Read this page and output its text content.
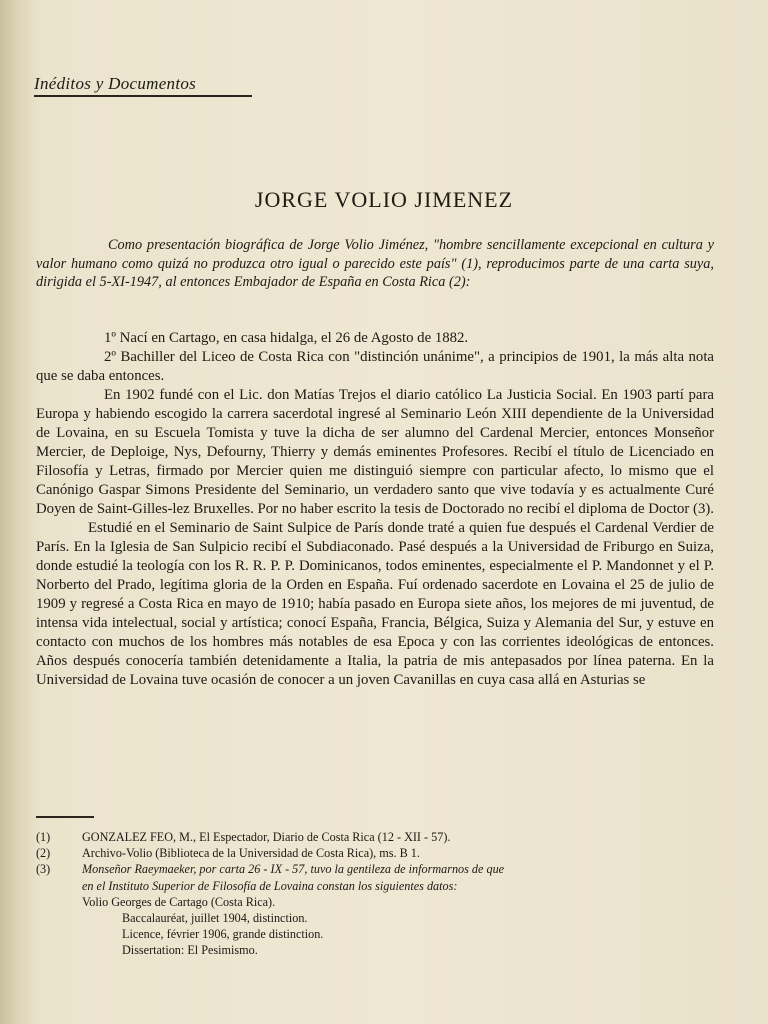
Inéditos y Documentos
JORGE VOLIO JIMENEZ

Como presentación biográfica de Jorge Volio Jiménez, "hombre sencillamente excepcional en cultura y valor humano como quizá no produzca otro igual o parecido este país" (1), reproducimos parte de una carta suya, dirigida el 5-XI-1947, al entonces Embajador de España en Costa Rica (2):

1º Nací en Cartago, en casa hidalga, el 26 de Agosto de 1882.

2º Bachiller del Liceo de Costa Rica con "distinción unánime", a principios de 1901, la más alta nota que se daba entonces.

En 1902 fundé con el Lic. don Matías Trejos el diario católico La Justicia Social. En 1903 partí para Europa y habiendo escogido la carrera sacerdotal ingresé al Seminario León XIII dependiente de la Universidad de Lovaina, en su Escuela Tomista y tuve la dicha de ser alumno del Cardenal Mercier, entonces Monseñor Mercier, de Deploige, Nys, Defourny, Thierry y demás eminentes Profesores. Recibí el título de Licenciado en Filosofía y Letras, firmado por Mercier quien me distinguió siempre con particular afecto, lo mismo que el Canónigo Gaspar Simons Presidente del Seminario, un verdadero santo que vive todavía y es actualmente Curé Doyen de Saint-Gilles-lez Bruxelles. Por no haber escrito la tesis de Doctorado no recibí el diploma de Doctor (3).

Estudié en el Seminario de Saint Sulpice de París donde traté a quien fue después el Cardenal Verdier de París. En la Iglesia de San Sulpicio recibí el Subdiaconado. Pasé después a la Universidad de Friburgo en Suiza, donde estudié la teología con los R. R. P. P. Dominicanos, todos eminentes, especialmente el P. Mandonnet y el P. Norberto del Prado, legítima gloria de la Orden en España. Fuí ordenado sacerdote en Lovaina el 25 de julio de 1909 y regresé a Costa Rica en mayo de 1910; había pasado en Europa siete años, los mejores de mi juventud, de intensa vida intelectual, social y artística; conocí España, Francia, Bélgica, Suiza y Alemania del Sur, y estuve en contacto con muchos de los hombres más notables de esa Epoca y con las corrientes ideológicas de entonces. Años después conocería también detenidamente a Italia, la patria de mis antepasados por línea paterna. En la Universidad de Lovaina tuve ocasión de conocer a un joven Cavanillas en cuya casa allá en Asturias se

(1)	GONZALEZ FEO, M., El Espectador, Diario de Costa Rica (12 - XII - 57).
(2)	Archivo-Volio (Biblioteca de la Universidad de Costa Rica), ms. B 1.
(3)	Monseñor Raeymaeker, por carta 26 - IX - 57, tuvo la gentileza de informarnos de que
en el Instituto Superior de Filosofía de Lovaina constan los siguientes datos:
Volio Georges de Cartago (Costa Rica).
Baccalauréat, juillet 1904, distinction.
Licence, février 1906, grande distinction.
Dissertation: El Pesimismo.
